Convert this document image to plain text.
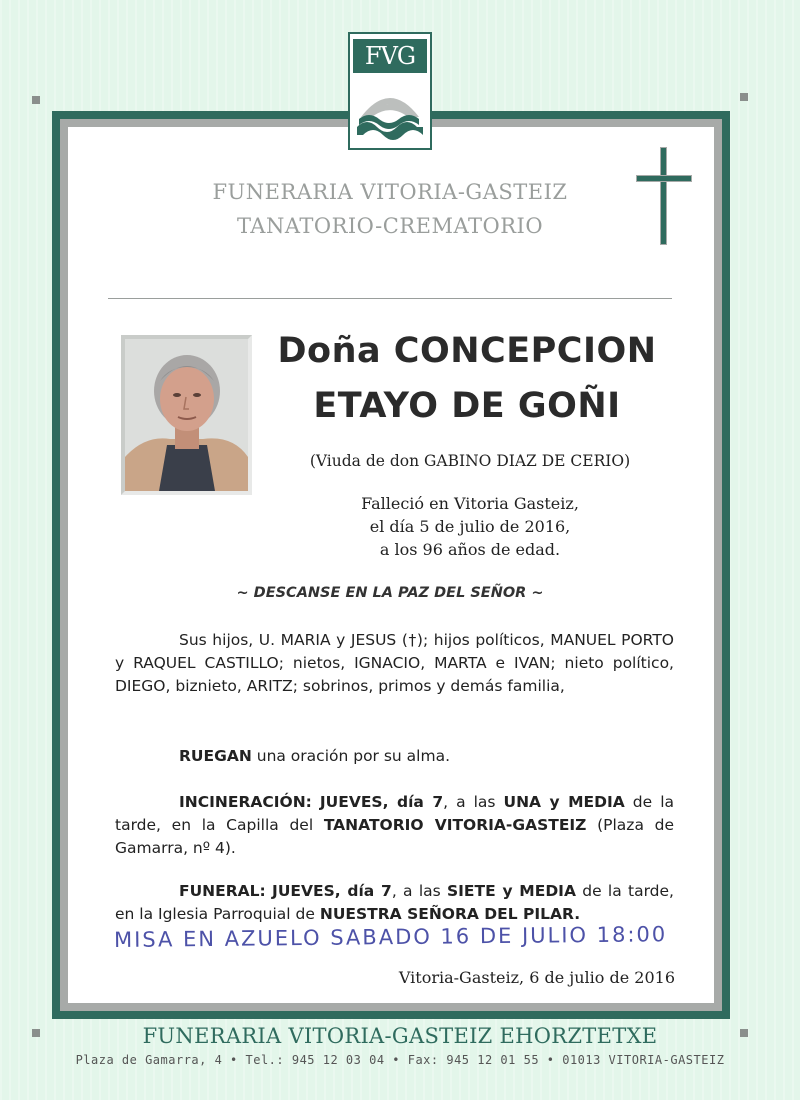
FVG
FUNERARIA VITORIA-GASTEIZ
TANATORIO-CREMATORIO
Doña CONCEPCION
ETAYO DE GOÑI
(Viuda de don GABINO DIAZ DE CERIO)
Falleció en Vitoria Gasteiz,
el día 5 de julio de 2016,
a los 96 años de edad.
~ DESCANSE EN LA PAZ DEL SEÑOR ~
Sus hijos, U. MARIA y JESUS (†); hijos políticos, MANUEL PORTO y RAQUEL CASTILLO; nietos, IGNACIO, MARTA e IVAN; nieto político, DIEGO, biznieto, ARITZ; sobrinos, primos y demás familia,
RUEGAN una oración por su alma.
INCINERACIÓN: JUEVES, día 7, a las UNA y MEDIA de la tarde, en la Capilla del TANATORIO VITORIA-GASTEIZ (Plaza de Gamarra, nº 4).
FUNERAL: JUEVES, día 7, a las SIETE y MEDIA de la tarde, en la Iglesia Parroquial de NUESTRA SEÑORA DEL PILAR.
MISA EN AZUELO SABADO 16 DE JULIO 18:00
Vitoria-Gasteiz, 6 de julio de 2016
FUNERARIA VITORIA-GASTEIZ EHORZTETXE
Plaza de Gamarra, 4 • Tel.: 945 12 03 04 • Fax: 945 12 01 55 • 01013 VITORIA-GASTEIZ
